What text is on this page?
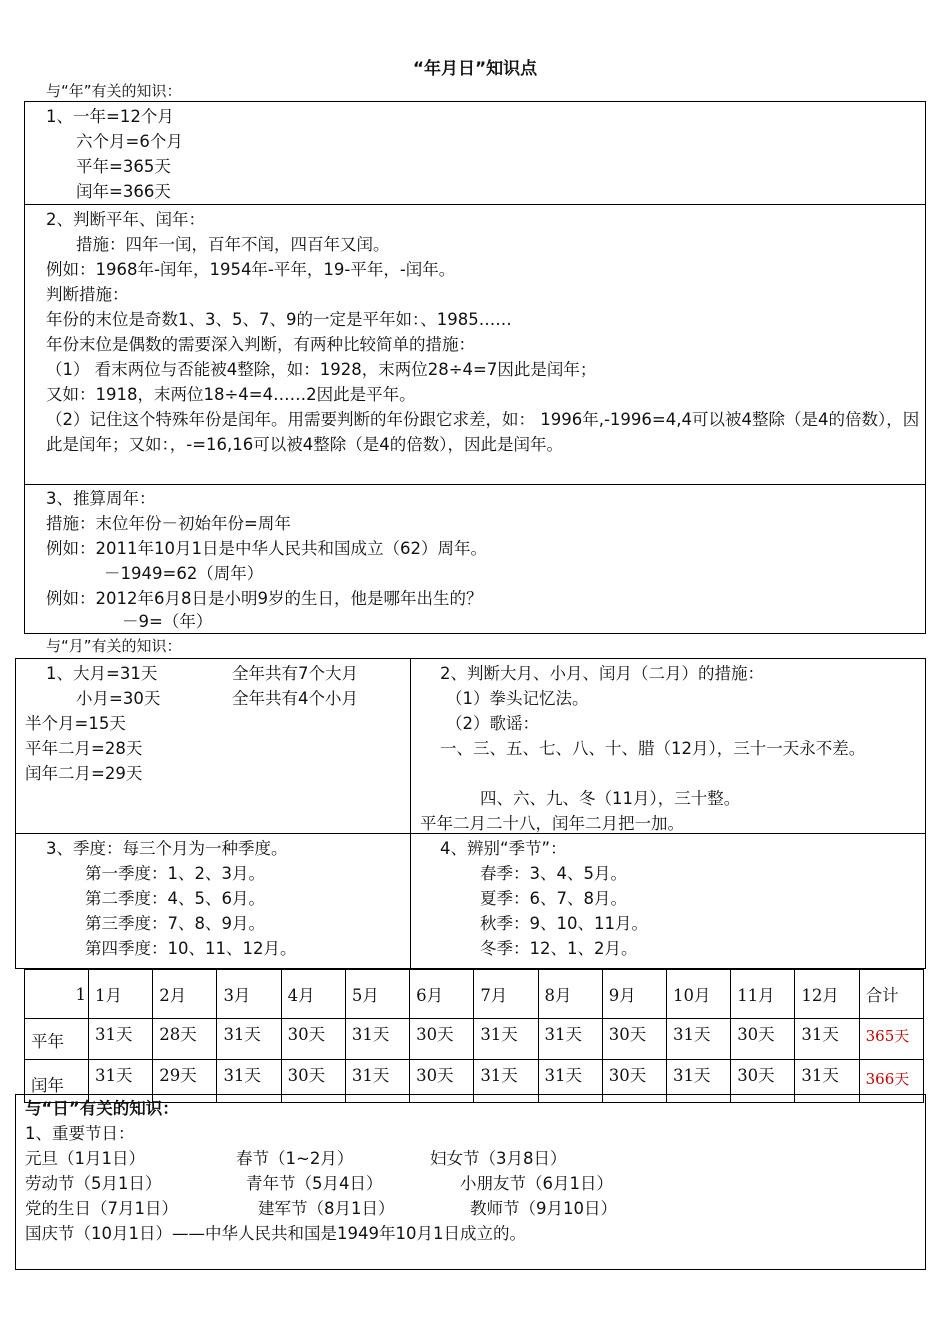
“年月日”知识点
与“年”有关的知识：
1、一年=12个月
六个月=6个月
平年=365天
闰年=366天
2、判断平年、闰年：
措施：四年一闰，百年不闰，四百年又闰。
例如：1968年-闰年，1954年-平年，19-平年，-闰年。
判断措施：
年份的末位是奇数1、3、5、7、9的一定是平年如：、1985……
年份末位是偶数的需要深入判断，有两种比较简单的措施：
（1） 看末两位与否能被4整除，如：1928，末两位28÷4=7因此是闰年；
又如：1918，末两位18÷4=4……2因此是平年。
（2）记住这个特殊年份是闰年。用需要判断的年份跟它求差，如： 1996年,-1996=4,4可以被4整除（是4的倍数），因此是闰年；又如：，-=16,16可以被4整除（是4的倍数），因此是闰年。
3、推算周年：
措施：末位年份－初始年份=周年
例如：2011年10月1日是中华人民共和国成立（62）周年。
－1949=62（周年）
例如：2012年6月8日是小明9岁的生日，他是哪年出生的？
－9=（年）
与“月”有关的知识：
1、大月=31天	全年共有7个大月
小月=30天	全年共有4个小月
半个月=15天
平年二月=28天
闰年二月=29天
2、判断大月、小月、闰月（二月）的措施：
（1）拳头记忆法。
（2）歌谣：
一、三、五、七、八、十、腊（12月），三十一天永不差。
四、六、九、冬（11月），三十整。
平年二月二十八，闰年二月把一加。
3、季度：每三个月为一种季度。
第一季度：1、2、3月。
第二季度：4、5、6月。
第三季度：7、8、9月。
第四季度：10、11、12月。
4、辨别“季节”：
春季：3、4、5月。
夏季：6、7、8月。
秋季：9、10、11月。
冬季：12、1、2月。
1	1月	2月	3月	4月	5月	6月	7月	8月	9月	10月	11月	12月	合计
平年	31天	28天	31天	30天	31天	30天	31天	31天	30天	31天	30天	31天	365天
闰年	31天	29天	31天	30天	31天	30天	31天	31天	30天	31天	30天	31天	366天
与“日”有关的知识：
1、重要节日：
元旦（1月1日）	春节（1~2月）	妇女节（3月8日）
劳动节（5月1日）	青年节（5月4日）	小朋友节（6月1日）
党的生日（7月1日）	建军节（8月1日）	教师节（9月10日）
国庆节（10月1日）——中华人民共和国是1949年10月1日成立的。
